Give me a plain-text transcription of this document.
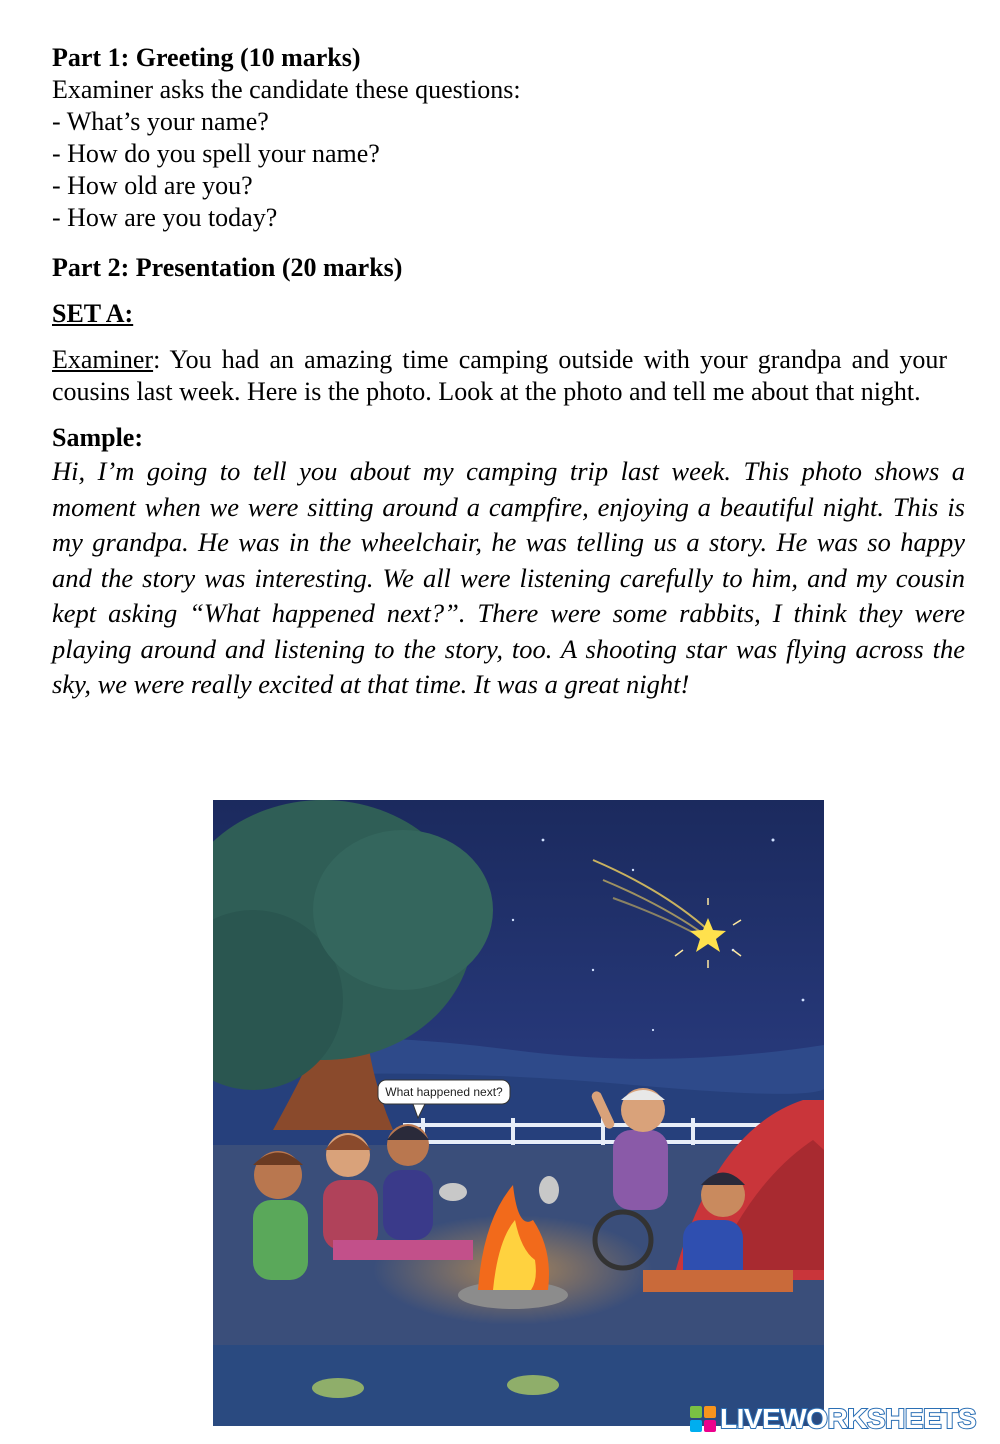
Part 1: Greeting (10 marks)

Examiner asks the candidate these questions:

- What’s your name?

- How do you spell your name?

- How old are you?

- How are you today?

Part 2: Presentation (20 marks)

SET A:

Examiner: You had an amazing time camping outside with your grandpa and your cousins last week. Here is the photo. Look at the photo and tell me about that night.

Sample:

Hi, I’m going to tell you about my camping trip last week. This photo shows a moment when we were sitting around a campfire, enjoying a beautiful night. This is my grandpa. He was in the wheelchair, he was telling us a story. He was so happy and the story was interesting. We all were listening carefully to him, and my cousin kept asking “What happened next?”. There were some rabbits, I think they were playing around and listening to the story, too. A shooting star was flying across the sky, we were really excited at that time. It was a great night!

What happened next?
LIVEWORKSHEETS
